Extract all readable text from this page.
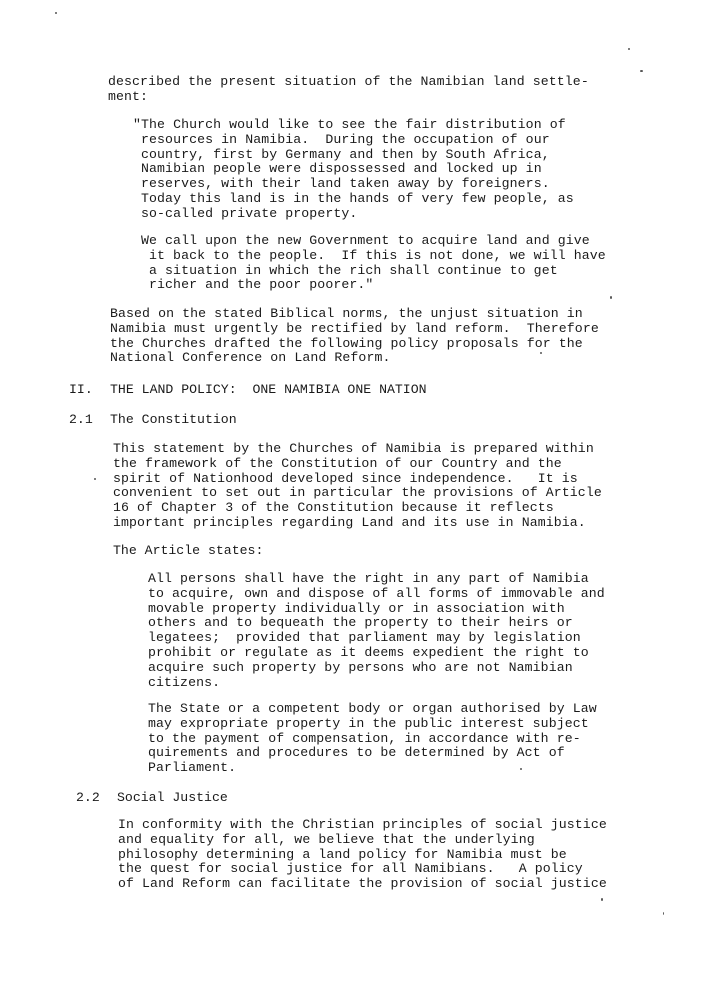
described the present situation of the Namibian land settle-
ment:
"The Church would like to see the fair distribution of
resources in Namibia.  During the occupation of our
country, first by Germany and then by South Africa,
Namibian people were dispossessed and locked up in
reserves, with their land taken away by foreigners.
Today this land is in the hands of very few people, as
so-called private property.
We call upon the new Government to acquire land and give
it back to the people.  If this is not done, we will have
a situation in which the rich shall continue to get
richer and the poor poorer."
Based on the stated Biblical norms, the unjust situation in
Namibia must urgently be rectified by land reform.  Therefore
the Churches drafted the following policy proposals for the
National Conference on Land Reform.
II. THE LAND POLICY:  ONE NAMIBIA ONE NATION
2.1 The Constitution
This statement by the Churches of Namibia is prepared within
the framework of the Constitution of our Country and the
spirit of Nationhood developed since independence.   It is
convenient to set out in particular the provisions of Article
16 of Chapter 3 of the Constitution because it reflects
important principles regarding Land and its use in Namibia.
The Article states:
All persons shall have the right in any part of Namibia
to acquire, own and dispose of all forms of immovable and
movable property individually or in association with
others and to bequeath the property to their heirs or
legatees;  provided that parliament may by legislation
prohibit or regulate as it deems expedient the right to
acquire such property by persons who are not Namibian
citizens.
The State or a competent body or organ authorised by Law
may expropriate property in the public interest subject
to the payment of compensation, in accordance with re-
quirements and procedures to be determined by Act of
Parliament.
2.2 Social Justice
In conformity with the Christian principles of social justice
and equality for all, we believe that the underlying
philosophy determining a land policy for Namibia must be
the quest for social justice for all Namibians.   A policy
of Land Reform can facilitate the provision of social justice
